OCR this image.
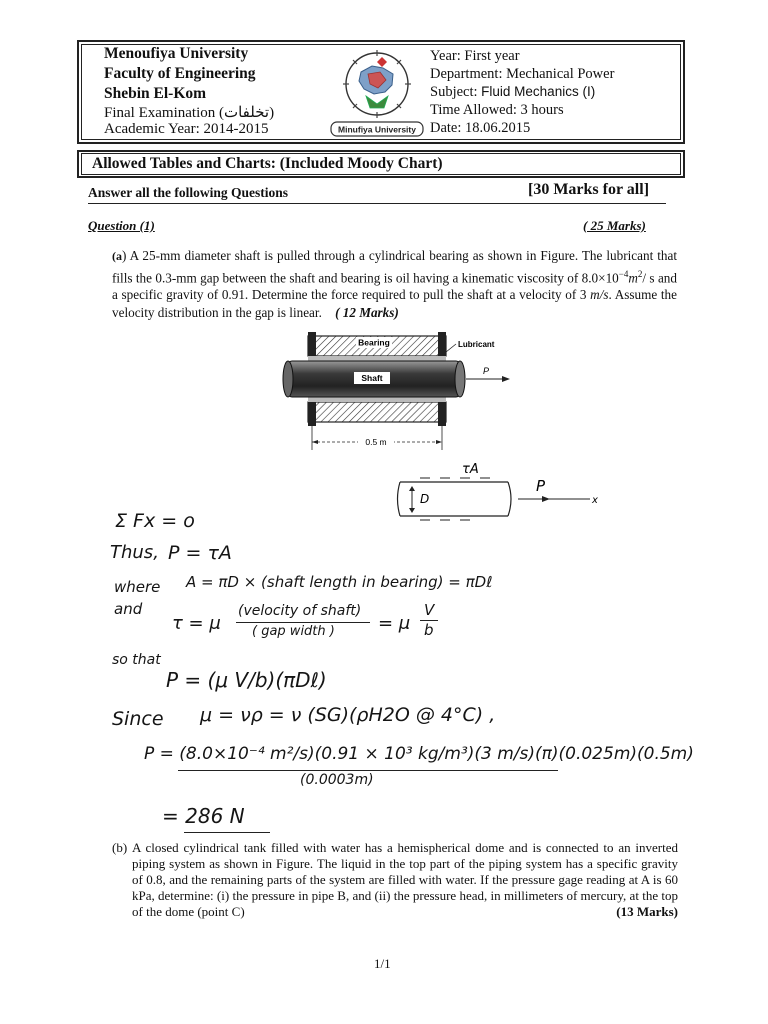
Menoufiya University
Faculty of Engineering
Shebin El-Kom
Final Examination (تخلفات)
Academic Year: 2014-2015	Minufiya University
Year: First year
Department: Mechanical Power
Subject: Fluid Mechanics (I)
Time Allowed: 3 hours
Date: 18.06.2015
Allowed Tables and Charts: (Included Moody Chart)
Answer all the following Questions	[30 Marks for all]
Question (1)	( 25 Marks)
(a) A 25-mm diameter shaft is pulled through a cylindrical bearing as shown in Figure. The lubricant that fills the 0.3-mm gap between the shaft and bearing is oil having a kinematic viscosity of $8.0\times 10^{-4}m^2/$ s and a specific gravity of 0.91. Determine the force required to pull the shaft at a velocity of 3 m/s. Assume the velocity distribution in the gap is linear. ( 12 Marks)
Bearing
Shaft
Lubricant
P
0.5 m
τA
D
P
x
Σ Fx = o
Thus, P = τA
where A = πD × (shaft length in bearing) = πDℓ
and
τ = μ
(velocity of shaft)
( gap width ) = μ
V
b
so that
P = (μ V/b)(πDℓ)
Since μ = νρ = ν (SG)(ρH2O @ 4°C) ,
P = (8.0×10⁻⁴ m²/s)(0.91 × 10³ kg/m³)(3 m/s)(π)(0.025m)(0.5m)
(0.0003m)
= 286 N
(b) A closed cylindrical tank filled with water has a hemispherical dome and is connected to an inverted piping system as shown in Figure. The liquid in the top part of the piping system has a specific gravity of 0.8, and the remaining parts of the system are filled with water. If the pressure gage reading at A is 60 kPa, determine: (i) the pressure in pipe B, and (ii) the pressure head, in millimeters of mercury, at the top of the dome (point C)	(13 Marks)
1/1
